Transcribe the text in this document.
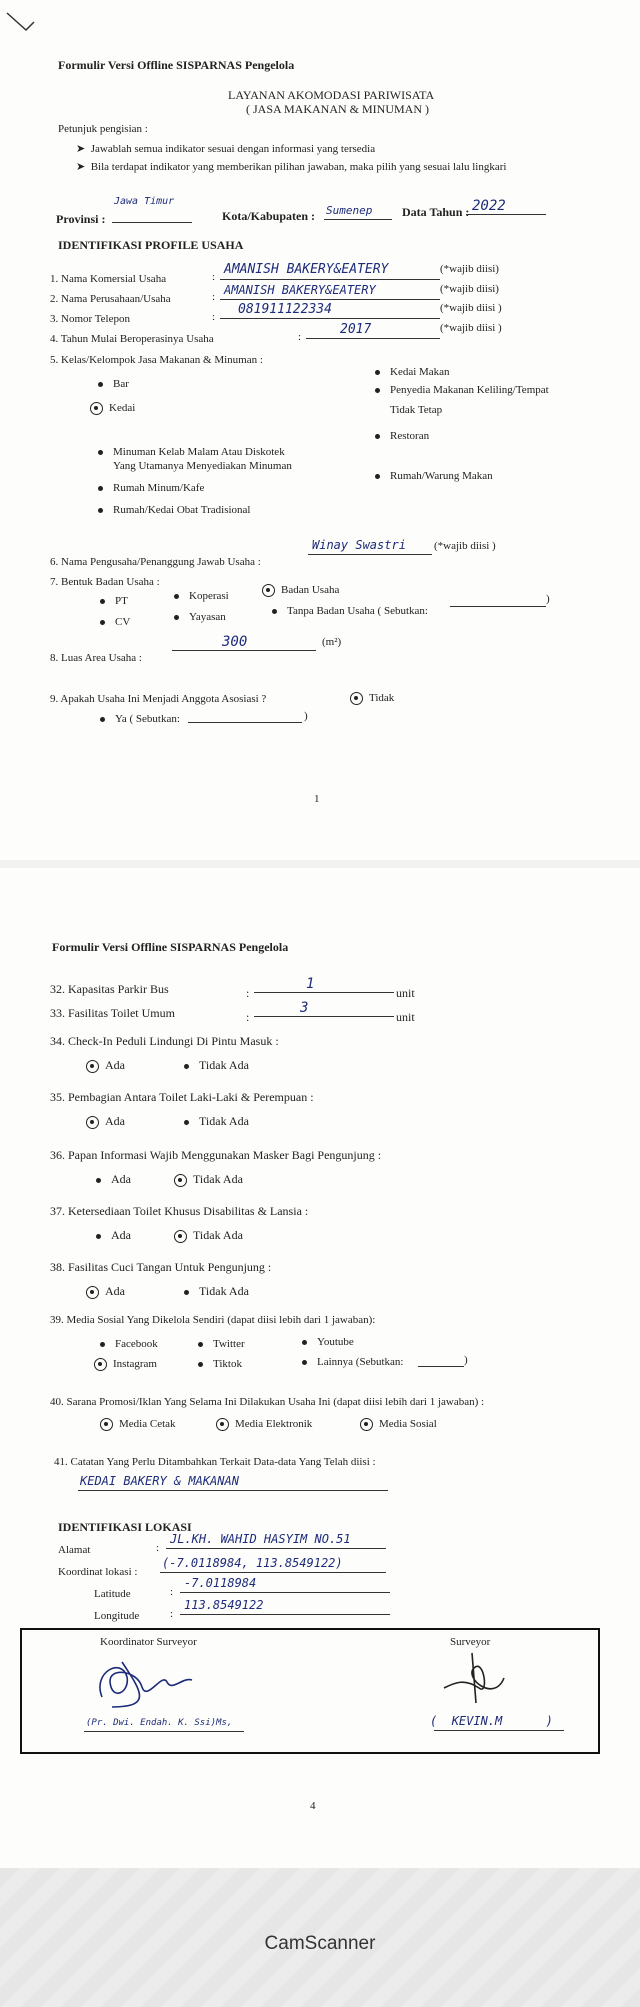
Formulir Versi Offline SISPARNAS Pengelola
LAYANAN AKOMODASI PARIWISATA
( JASA MAKANAN & MINUMAN )
Petunjuk pengisian :
➤  Jawablah semua indikator sesuai dengan informasi yang tersedia
➤  Bila terdapat indikator yang memberikan pilihan jawaban, maka pilih yang sesuai lalu lingkari
Provinsi :
Jawa Timur
Kota/Kabupaten : Sumenep Data Tahun : 2022
IDENTIFIKASI PROFILE USAHA
1. Nama Komersial Usaha	: AMANISH BAKERY&EATERY	(*wajib diisi)
2. Nama Perusahaan/Usaha	: AMANISH BAKERY&EATERY	(*wajib diisi)
3. Nomor Telepon	: 081911122334	(*wajib diisi )
4. Tahun Mulai Beroperasinya Usaha	:	2017	(*wajib diisi )
5. Kelas/Kelompok Jasa Makanan & Minuman :
Bar
Kedai
Minuman Kelab Malam Atau Diskotek
Yang Utamanya Menyediakan Minuman
Rumah Minum/Kafe
Rumah/Kedai Obat Tradisional
Kedai Makan
Penyedia Makanan Keliling/Tempat
Tidak Tetap
Restoran
Rumah/Warung Makan
6. Nama Pengusaha/Penanggung Jawab Usaha :
Winay Swastri	(*wajib diisi )
7. Bentuk Badan Usaha :
PT	Koperasi	Badan Usaha
CV	Yayasan	Tanpa Badan Usaha ( Sebutkan:
)
8. Luas Area Usaha :
300	(m²)
9. Apakah Usaha Ini Menjadi Anggota Asosiasi ?
Ya ( Sebutkan:	)
Tidak
1
Formulir Versi Offline SISPARNAS Pengelola
32. Kapasitas Parkir Bus	:
1
unit
33. Fasilitas Toilet Umum	:
3
unit
34. Check-In Peduli Lindungi Di Pintu Masuk :
Ada	Tidak Ada
35. Pembagian Antara Toilet Laki-Laki & Perempuan :
Ada	Tidak Ada
36. Papan Informasi Wajib Menggunakan Masker Bagi Pengunjung :
Ada	Tidak Ada
37. Ketersediaan Toilet Khusus Disabilitas & Lansia :
Ada	Tidak Ada
38. Fasilitas Cuci Tangan Untuk Pengunjung :
Ada	Tidak Ada
39. Media Sosial Yang Dikelola Sendiri (dapat diisi lebih dari 1 jawaban):
Facebook	Twitter	Youtube
Instagram	Tiktok	Lainnya (Sebutkan:	)
40. Sarana Promosi/Iklan Yang Selama Ini Dilakukan Usaha Ini (dapat diisi lebih dari 1 jawaban) :
Media Cetak	Media Elektronik	Media Sosial
41. Catatan Yang Perlu Ditambahkan Terkait Data-data Yang Telah diisi :
KEDAI BAKERY & MAKANAN
IDENTIFIKASI LOKASI
Alamat	:
JL.KH. WAHID HASYIM NO.51
Koordinat lokasi :
(-7.0118984, 113.8549122)
Latitude	:
-7.0118984
Longitude	:
113.8549122
Koordinator Surveyor
(Pr. Dwi. Endah. K. Ssi)Ms,
Surveyor
(  KEVIN.M      )
4
CamScanner
